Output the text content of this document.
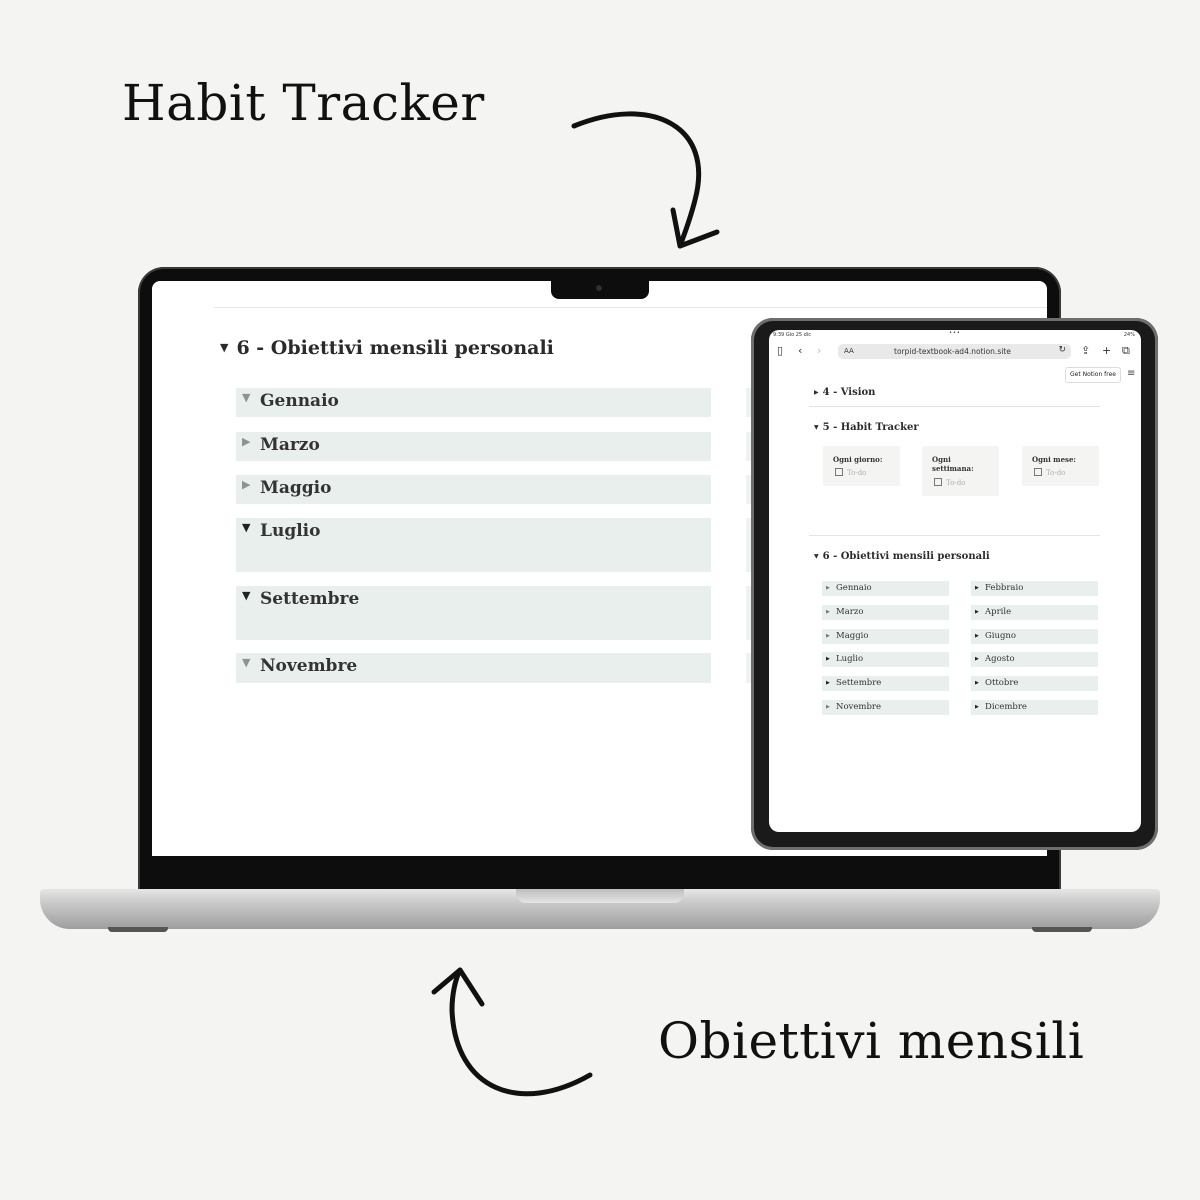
Habit Tracker
Obiettivi mensili
▼ 6 - Obiettivi mensili personali
▼ Gennaio
▶ Marzo
▶ Maggio
▼ Luglio
▼ Settembre
▼ Novembre
9:39 Gio 25 dic	•••	24%
▯ ‹ ›	AA	torpid-textbook-ad4.notion.site	↻ ⇪ + ⧉
Get Notion free	≡
▶ 4 - Vision
▼ 5 - Habit Tracker
Ogni giorno:
To-do
Ogni settimana:
To-do
Ogni mese:
To-do
▼ 6 - Obiettivi mensili personali
▶ Gennaio
▶ Marzo
▶ Maggio
▶ Luglio
▶ Settembre
▶ Novembre
▶ Febbraio
▶ Aprile
▶ Giugno
▶ Agosto
▶ Ottobre
▶ Dicembre
